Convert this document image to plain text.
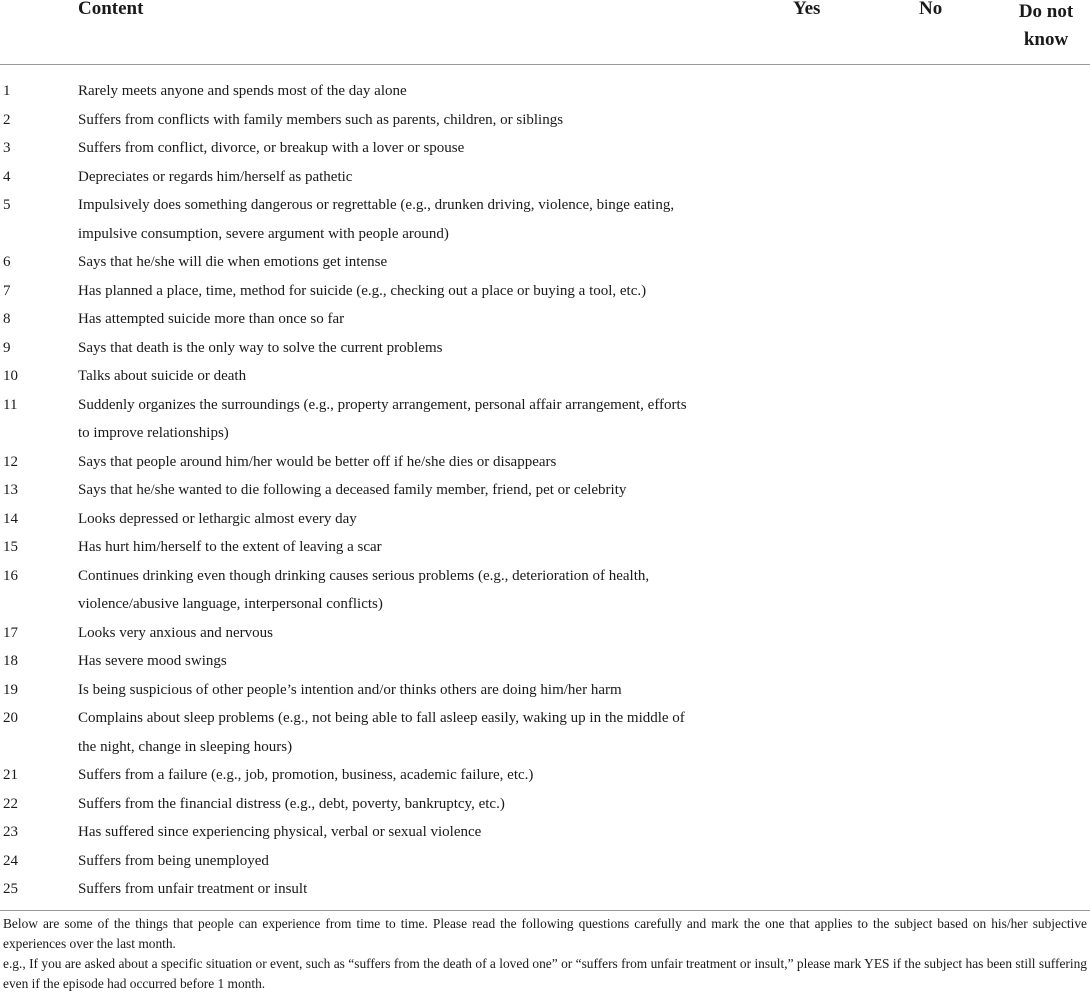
Content	Yes	No	Do not
know
1	Rarely meets anyone and spends most of the day alone
2	Suffers from conflicts with family members such as parents, children, or siblings
3	Suffers from conflict, divorce, or breakup with a lover or spouse
4	Depreciates or regards him/herself as pathetic
5	Impulsively does something dangerous or regrettable (e.g., drunken driving, violence, binge eating,
impulsive consumption, severe argument with people around)
6	Says that he/she will die when emotions get intense
7	Has planned a place, time, method for suicide (e.g., checking out a place or buying a tool, etc.)
8	Has attempted suicide more than once so far
9	Says that death is the only way to solve the current problems
10	Talks about suicide or death
11	Suddenly organizes the surroundings (e.g., property arrangement, personal affair arrangement, efforts
to improve relationships)
12	Says that people around him/her would be better off if he/she dies or disappears
13	Says that he/she wanted to die following a deceased family member, friend, pet or celebrity
14	Looks depressed or lethargic almost every day
15	Has hurt him/herself to the extent of leaving a scar
16	Continues drinking even though drinking causes serious problems (e.g., deterioration of health,
violence/abusive language, interpersonal conflicts)
17	Looks very anxious and nervous
18	Has severe mood swings
19	Is being suspicious of other people’s intention and/or thinks others are doing him/her harm
20	Complains about sleep problems (e.g., not being able to fall asleep easily, waking up in the middle of
the night, change in sleeping hours)
21	Suffers from a failure (e.g., job, promotion, business, academic failure, etc.)
22	Suffers from the financial distress (e.g., debt, poverty, bankruptcy, etc.)
23	Has suffered since experiencing physical, verbal or sexual violence
24	Suffers from being unemployed
25	Suffers from unfair treatment or insult

Below are some of the things that people can experience from time to time. Please read the following questions carefully and mark the one that applies to the subject based on his/her subjective experiences over the last month.

e.g., If you are asked about a specific situation or event, such as “suffers from the death of a loved one” or “suffers from unfair treatment or insult,” please mark YES if the subject has been still suffering even if the episode had occurred before 1 month.
